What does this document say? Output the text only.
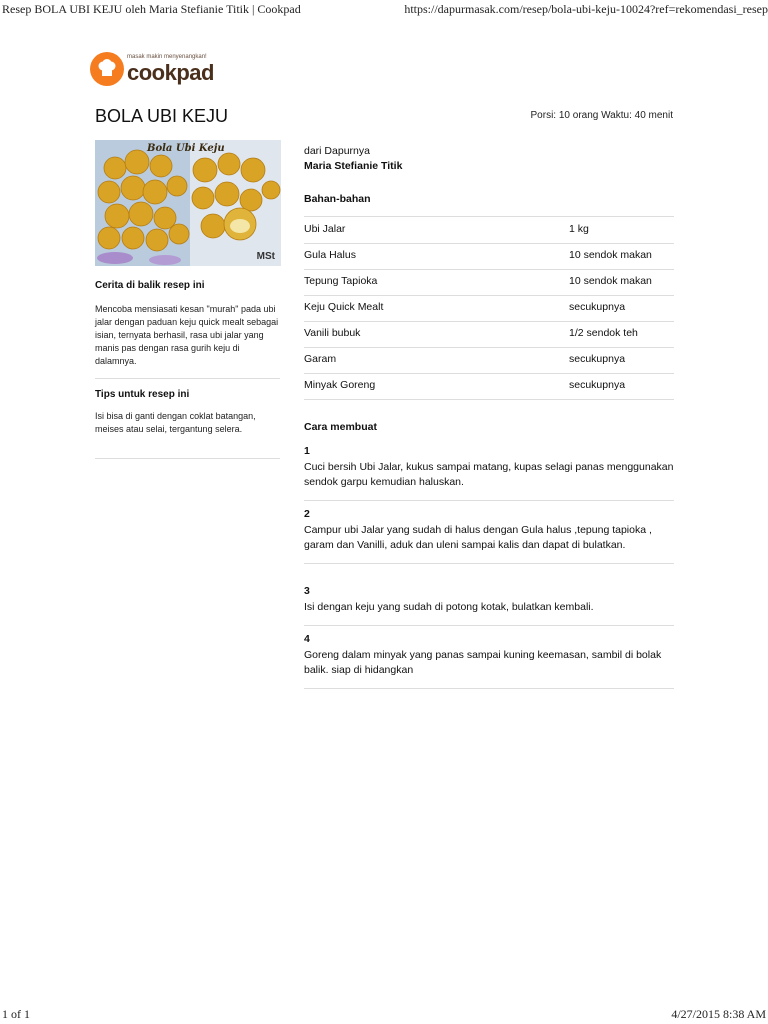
Resep BOLA UBI KEJU oleh Maria Stefianie Titik | Cookpad	https://dapurmasak.com/resep/bola-ubi-keju-10024?ref=rekomendasi_resep
1 of 1	4/27/2015 8:38 AM
masak makin menyenangkan!
cookpad
BOLA UBI KEJU	Porsi: 10 orang Waktu: 40 menit
Bola Ubi Keju
MSt
Cerita di balik resep ini
Mencoba mensiasati kesan "murah" pada ubi jalar dengan paduan keju quick mealt sebagai isian, ternyata berhasil, rasa ubi jalar yang manis pas dengan rasa gurih keju di dalamnya.
Tips untuk resep ini
Isi bisa di ganti dengan coklat batangan, meises atau selai, tergantung selera.
dari Dapurnya
Maria Stefianie Titik
Bahan-bahan
Ubi Jalar	1 kg
Gula Halus	10 sendok makan
Tepung Tapioka	10 sendok makan
Keju Quick Mealt	secukupnya
Vanili bubuk	1/2 sendok teh
Garam	secukupnya
Minyak Goreng	secukupnya
Cara membuat
1
Cuci bersih Ubi Jalar, kukus sampai matang, kupas selagi panas menggunakan sendok garpu kemudian haluskan.
2
Campur ubi Jalar yang sudah di halus dengan Gula halus ,tepung tapioka , garam dan Vanilli, aduk dan uleni sampai kalis dan dapat di bulatkan.
3
Isi dengan keju yang sudah di potong kotak, bulatkan kembali.
4
Goreng dalam minyak yang panas sampai kuning keemasan, sambil di bolak balik. siap di hidangkan
